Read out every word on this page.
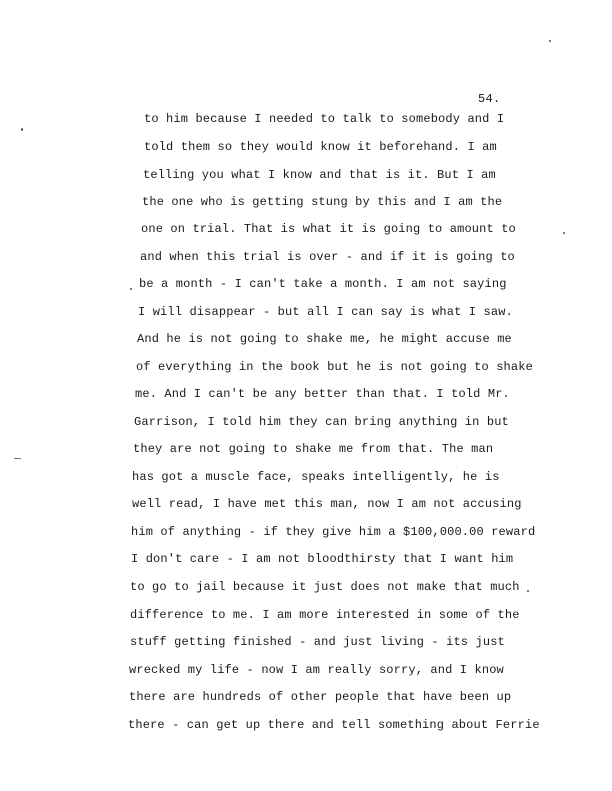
54.
to him because I needed to talk to somebody and I
told them so they would know it beforehand. I am
telling you what I know and that is it. But I am
the one who is getting stung by this and I am the
one on trial. That is what it is going to amount to
and when this trial is over - and if it is going to
be a month - I can't take a month. I am not saying
I will disappear - but all I can say is what I saw.
And he is not going to shake me, he might accuse me
of everything in the book but he is not going to shake
me. And I can't be any better than that. I told Mr.
Garrison, I told him they can bring anything in but
they are not going to shake me from that. The man
has got a muscle face, speaks intelligently, he is
well read, I have met this man, now I am not accusing
him of anything - if they give him a $100,000.00 reward
I don't care - I am not bloodthirsty that I want him
to go to jail because it just does not make that much
difference to me. I am more interested in some of the
stuff getting finished - and just living - its just
wrecked my life - now I am really sorry, and I know
there are hundreds of other people that have been up
there - can get up there and tell something about Ferrie
